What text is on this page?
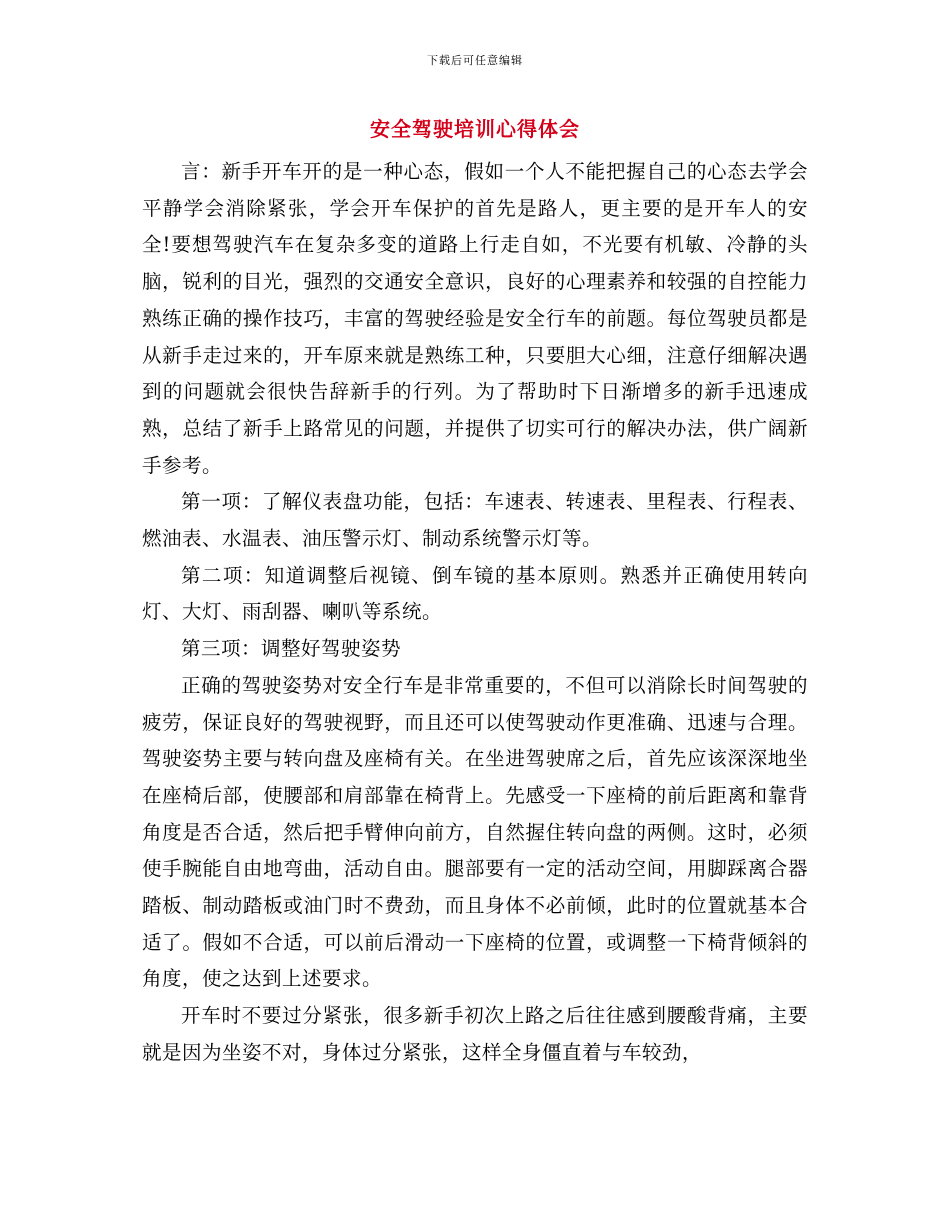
下载后可任意编辑
安全驾驶培训心得体会

言：新手开车开的是一种心态，假如一个人不能把握自己的心态去学会平静学会消除紧张，学会开车保护的首先是路人，更主要的是开车人的安全!要想驾驶汽车在复杂多变的道路上行走自如，不光要有机敏、冷静的头脑，锐利的目光，强烈的交通安全意识，良好的心理素养和较强的自控能力熟练正确的操作技巧，丰富的驾驶经验是安全行车的前题。每位驾驶员都是从新手走过来的，开车原来就是熟练工种，只要胆大心细，注意仔细解决遇到的问题就会很快告辞新手的行列。为了帮助时下日渐增多的新手迅速成熟，总结了新手上路常见的问题，并提供了切实可行的解决办法，供广阔新手参考。

第一项：了解仪表盘功能，包括：车速表、转速表、里程表、行程表、燃油表、水温表、油压警示灯、制动系统警示灯等。

第二项：知道调整后视镜、倒车镜的基本原则。熟悉并正确使用转向灯、大灯、雨刮器、喇叭等系统。

第三项：调整好驾驶姿势

正确的驾驶姿势对安全行车是非常重要的，不但可以消除长时间驾驶的疲劳，保证良好的驾驶视野，而且还可以使驾驶动作更准确、迅速与合理。驾驶姿势主要与转向盘及座椅有关。在坐进驾驶席之后，首先应该深深地坐在座椅后部，使腰部和肩部靠在椅背上。先感受一下座椅的前后距离和靠背角度是否合适，然后把手臂伸向前方，自然握住转向盘的两侧。这时，必须使手腕能自由地弯曲，活动自由。腿部要有一定的活动空间，用脚踩离合器踏板、制动踏板或油门时不费劲，而且身体不必前倾，此时的位置就基本合适了。假如不合适，可以前后滑动一下座椅的位置，或调整一下椅背倾斜的角度，使之达到上述要求。

开车时不要过分紧张，很多新手初次上路之后往往感到腰酸背痛，主要就是因为坐姿不对，身体过分紧张，这样全身僵直着与车较劲，
